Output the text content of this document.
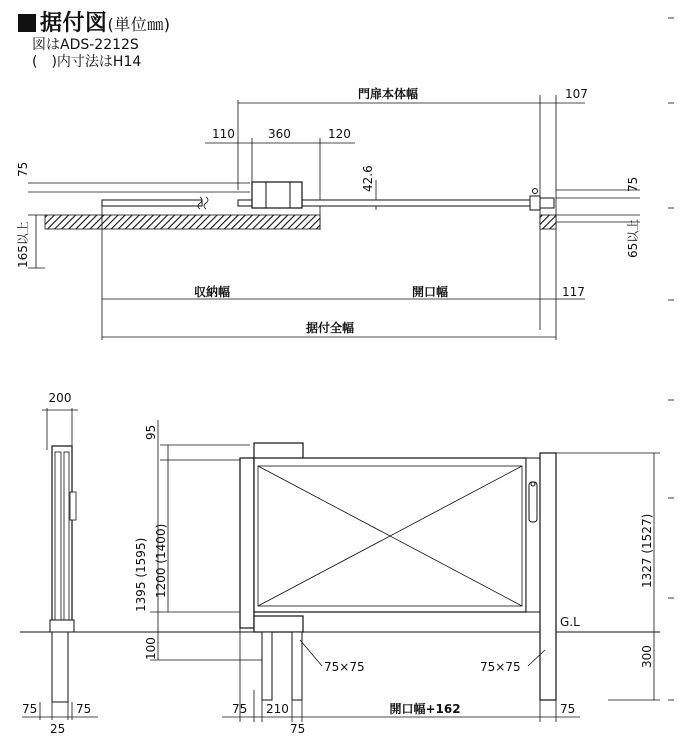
据付図(単位㎜)
図はADS-2212S
(　)内寸法はH14
門扉本体幅	107
110	360	120
75	42.6
165以上
75
65以上
収納幅	開口幅	117
据付全幅
200
75	75
25
95
1395 (1595) 1200 (1400)
100
75×75	75×75
G.L
1327 (1527)
300
75 210
75
開口幅+162	75
